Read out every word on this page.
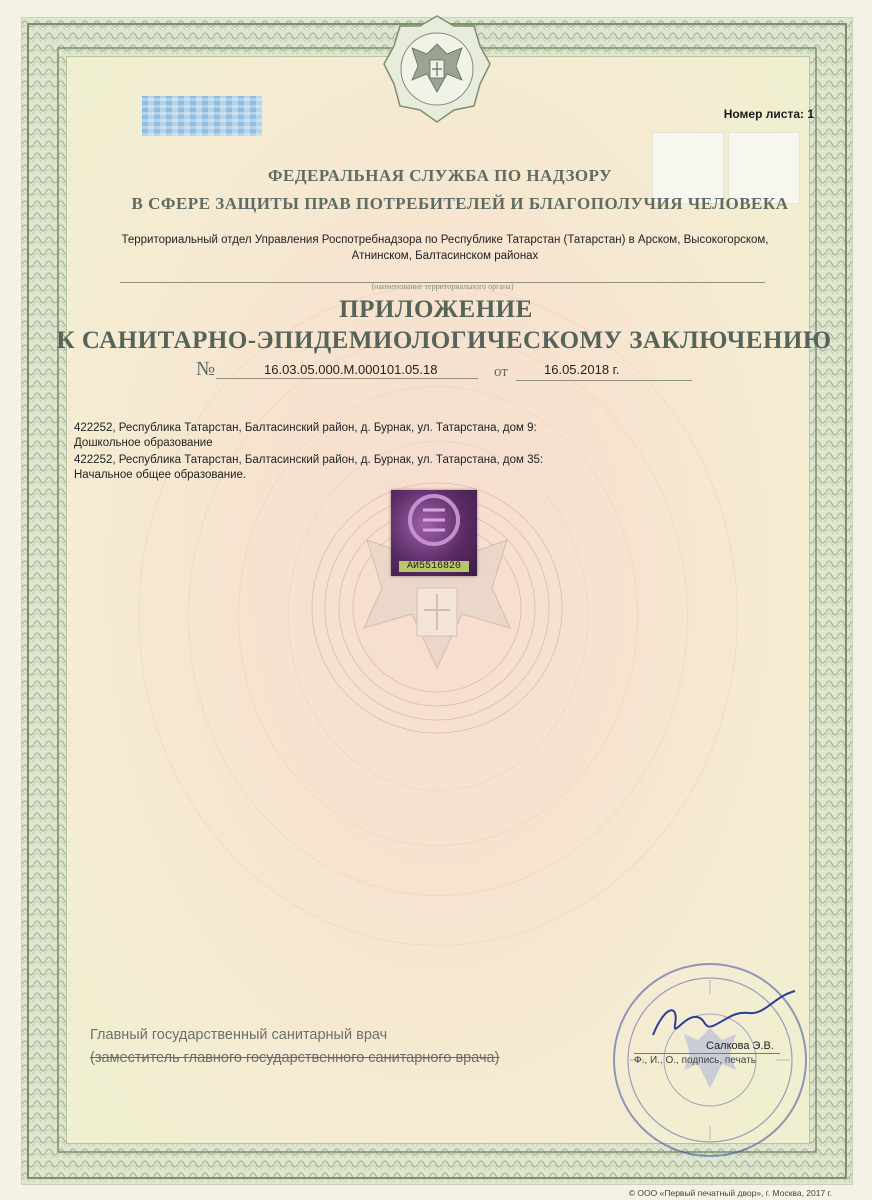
Номер листа: 1
ФЕДЕРАЛЬНАЯ СЛУЖБА ПО НАДЗОРУ
В СФЕРЕ ЗАЩИТЫ ПРАВ ПОТРЕБИТЕЛЕЙ И БЛАГОПОЛУЧИЯ ЧЕЛОВЕКА
Территориальный отдел Управления Роспотребнадзора по Республике Татарстан (Татарстан) в Арском, Высокогорском,
Атнинском, Балтасинском районах
(наименование территориального органа)
ПРИЛОЖЕНИЕ
К САНИТАРНО-ЭПИДЕМИОЛОГИЧЕСКОМУ ЗАКЛЮЧЕНИЮ
№	16.03.05.000.М.000101.05.18	от	16.05.2018 г.
422252, Республика Татарстан, Балтасинский район, д. Бурнак, ул. Татарстана, дом 9:
Дошкольное образование
422252, Республика Татарстан, Балтасинский район, д. Бурнак, ул. Татарстана, дом 35:
Начальное общее образование.
АИ5516820
Главный государственный санитарный врач
(заместитель главного государственного санитарного врача)
Салкова Э.В.
Ф., И., О., подпись, печать
© ООО «Первый печатный двор», г. Москва, 2017 г.
